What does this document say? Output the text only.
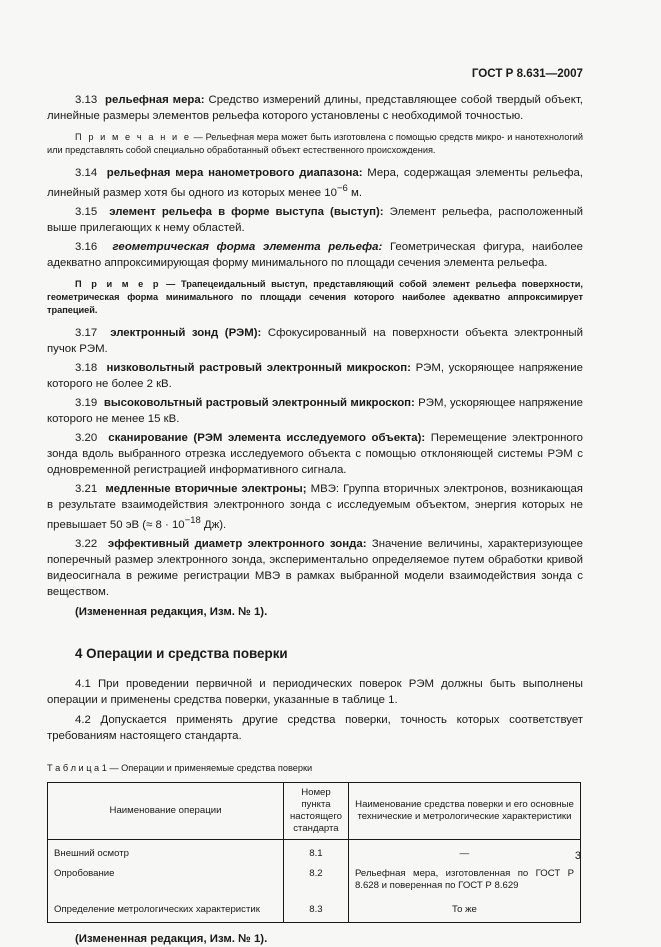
ГОСТ Р 8.631—2007

3.13 рельефная мера: Средство измерений длины, представляющее собой твердый объект, линейные размеры элементов рельефа которого установлены с необходимой точностью.

П р и м е ч а н и е — Рельефная мера может быть изготовлена с помощью средств микро- и нанотехнологий или представлять собой специально обработанный объект естественного происхождения.

3.14 рельефная мера нанометрового диапазона: Мера, содержащая элементы рельефа, линейный размер хотя бы одного из которых менее $10^{-6}$ м.

3.15 элемент рельефа в форме выступа (выступ): Элемент рельефа, расположенный выше прилегающих к нему областей.

3.16 геометрическая форма элемента рельефа: Геометрическая фигура, наиболее адекватно аппроксимирующая форму минимального по площади сечения элемента рельефа.

П р и м е р — Трапецеидальный выступ, представляющий собой элемент рельефа поверхности, геометрическая форма минимального по площади сечения которого наиболее адекватно аппроксимирует трапецией.

3.17 электронный зонд (РЭМ): Сфокусированный на поверхности объекта электронный пучок РЭМ.

3.18 низковольтный растровый электронный микроскоп: РЭМ, ускоряющее напряжение которого не более 2 кВ.

3.19 высоковольтный растровый электронный микроскоп: РЭМ, ускоряющее напряжение которого не менее 15 кВ.

3.20 сканирование (РЭМ элемента исследуемого объекта): Перемещение электронного зонда вдоль выбранного отрезка исследуемого объекта с помощью отклоняющей системы РЭМ с одновременной регистрацией информативного сигнала.

3.21 медленные вторичные электроны; МВЭ: Группа вторичных электронов, возникающая в результате взаимодействия электронного зонда с исследуемым объектом, энергия которых не превышает 50 эВ (≈ $8 \cdot 10^{-18}$ Дж).

3.22 эффективный диаметр электронного зонда: Значение величины, характеризующее поперечный размер электронного зонда, экспериментально определяемое путем обработки кривой видеосигнала в режиме регистрации МВЭ в рамках выбранной модели взаимодействия зонда с веществом.

(Измененная редакция, Изм. № 1).

4 Операции и средства поверки

4.1 При проведении первичной и периодических поверок РЭМ должны быть выполнены операции и применены средства поверки, указанные в таблице 1.

4.2 Допускается применять другие средства поверки, точность которых соответствует требованиям настоящего стандарта.

Т а б л и ц а 1 — Операции и применяемые средства поверки
Наименование операции	Номер пункта настоящего стандарта	Наименование средства поверки и его основные технические и метрологические характеристики
Внешний осмотр	8.1	—
Опробование	8.2	Рельефная мера, изготовленная по ГОСТ Р 8.628 и поверенная по ГОСТ Р 8.629
Определение метрологических характеристик	8.3	То же

(Измененная редакция, Изм. № 1).

3
